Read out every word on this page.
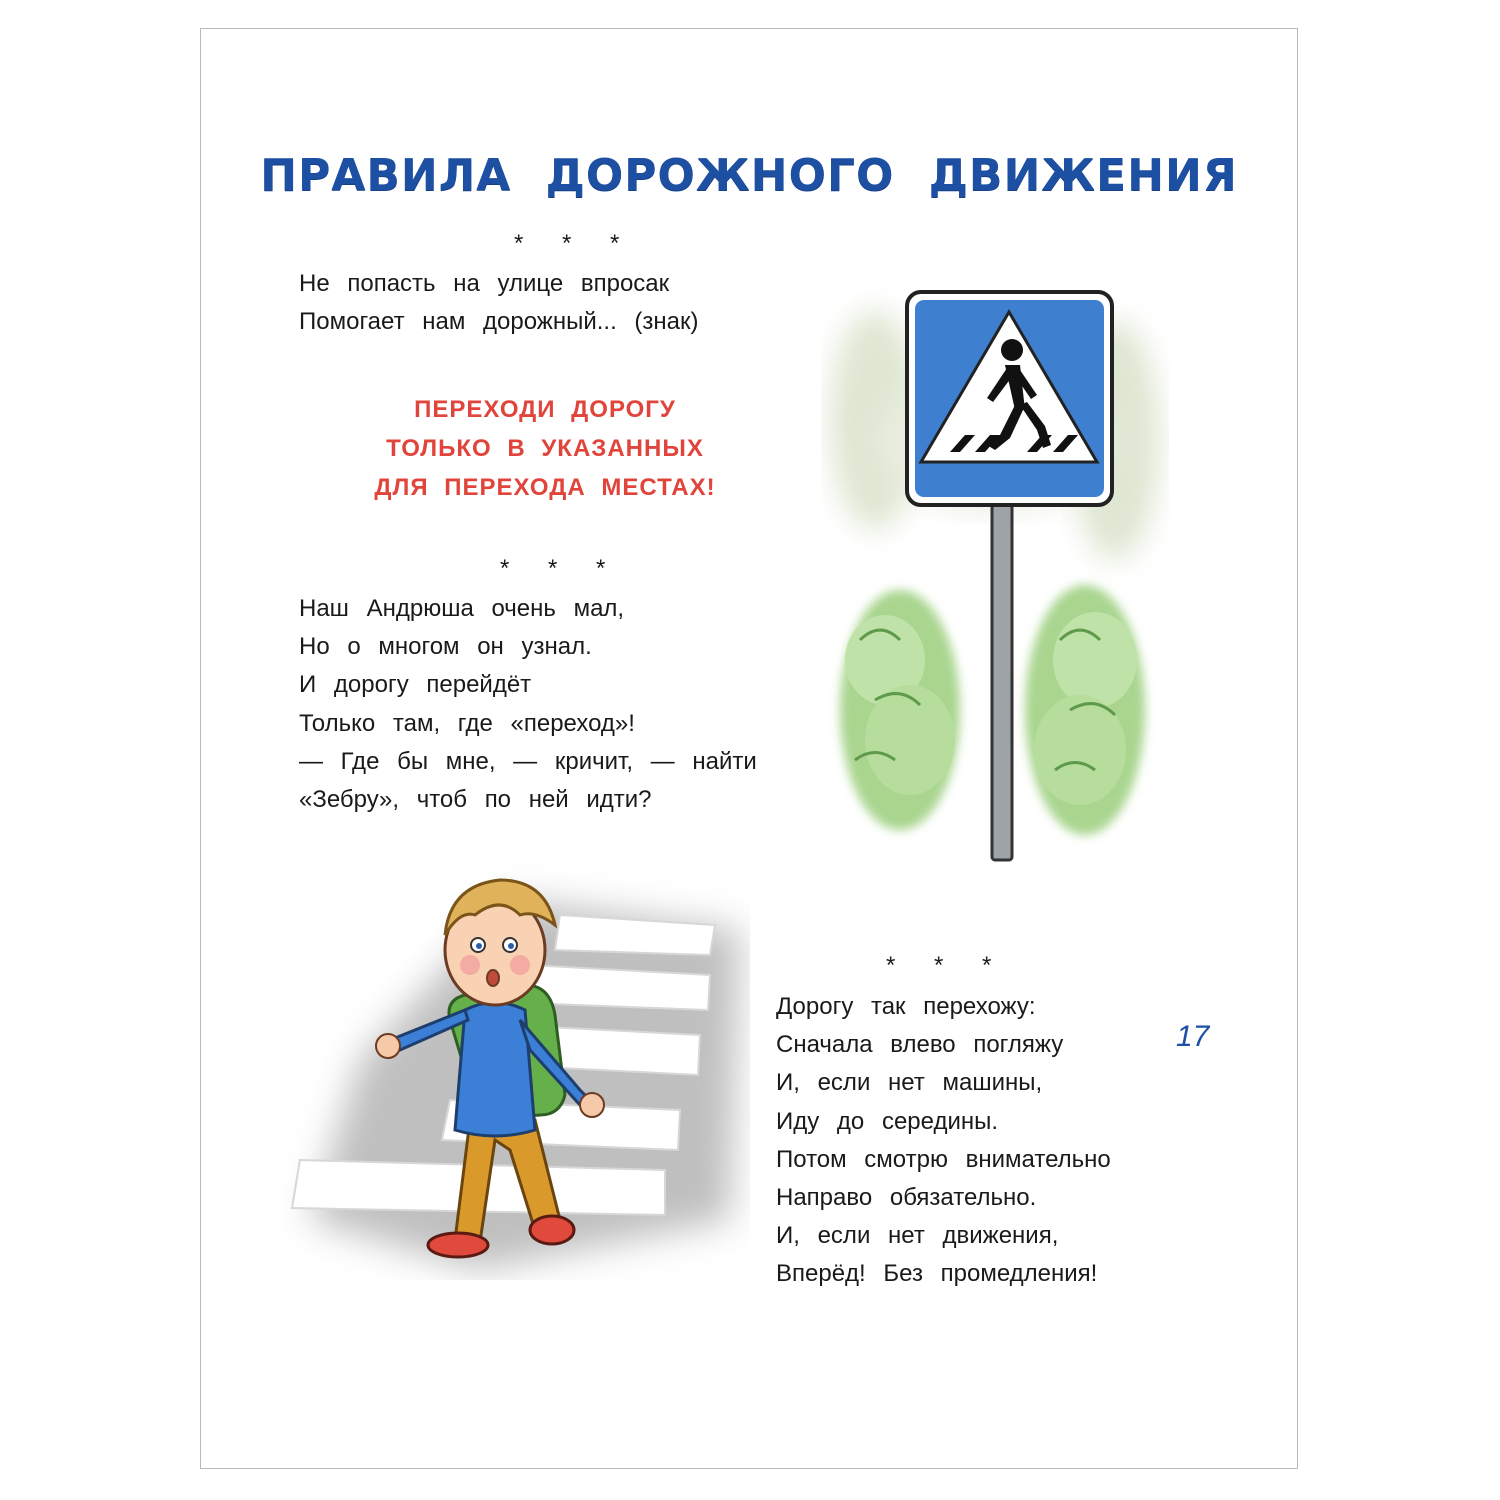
ПРАВИЛА ДОРОЖНОГО ДВИЖЕНИЯ
* * *
Не попасть на улице впросак
Помогает нам дорожный... (знак)
ПЕРЕХОДИ ДОРОГУ
ТОЛЬКО В УКАЗАННЫХ
ДЛЯ ПЕРЕХОДА МЕСТАХ!
* * *
Наш Андрюша очень мал,
Но о многом он узнал.
И дорогу перейдёт
Только там, где «переход»!
— Где бы мне, — кричит, — найти
«Зебру», чтоб по ней идти?
* * *
Дорогу так перехожу:
Сначала влево погляжу
И, если нет машины,
Иду до середины.
Потом смотрю внимательно
Направо обязательно.
И, если нет движения,
Вперёд! Без промедления!
17
